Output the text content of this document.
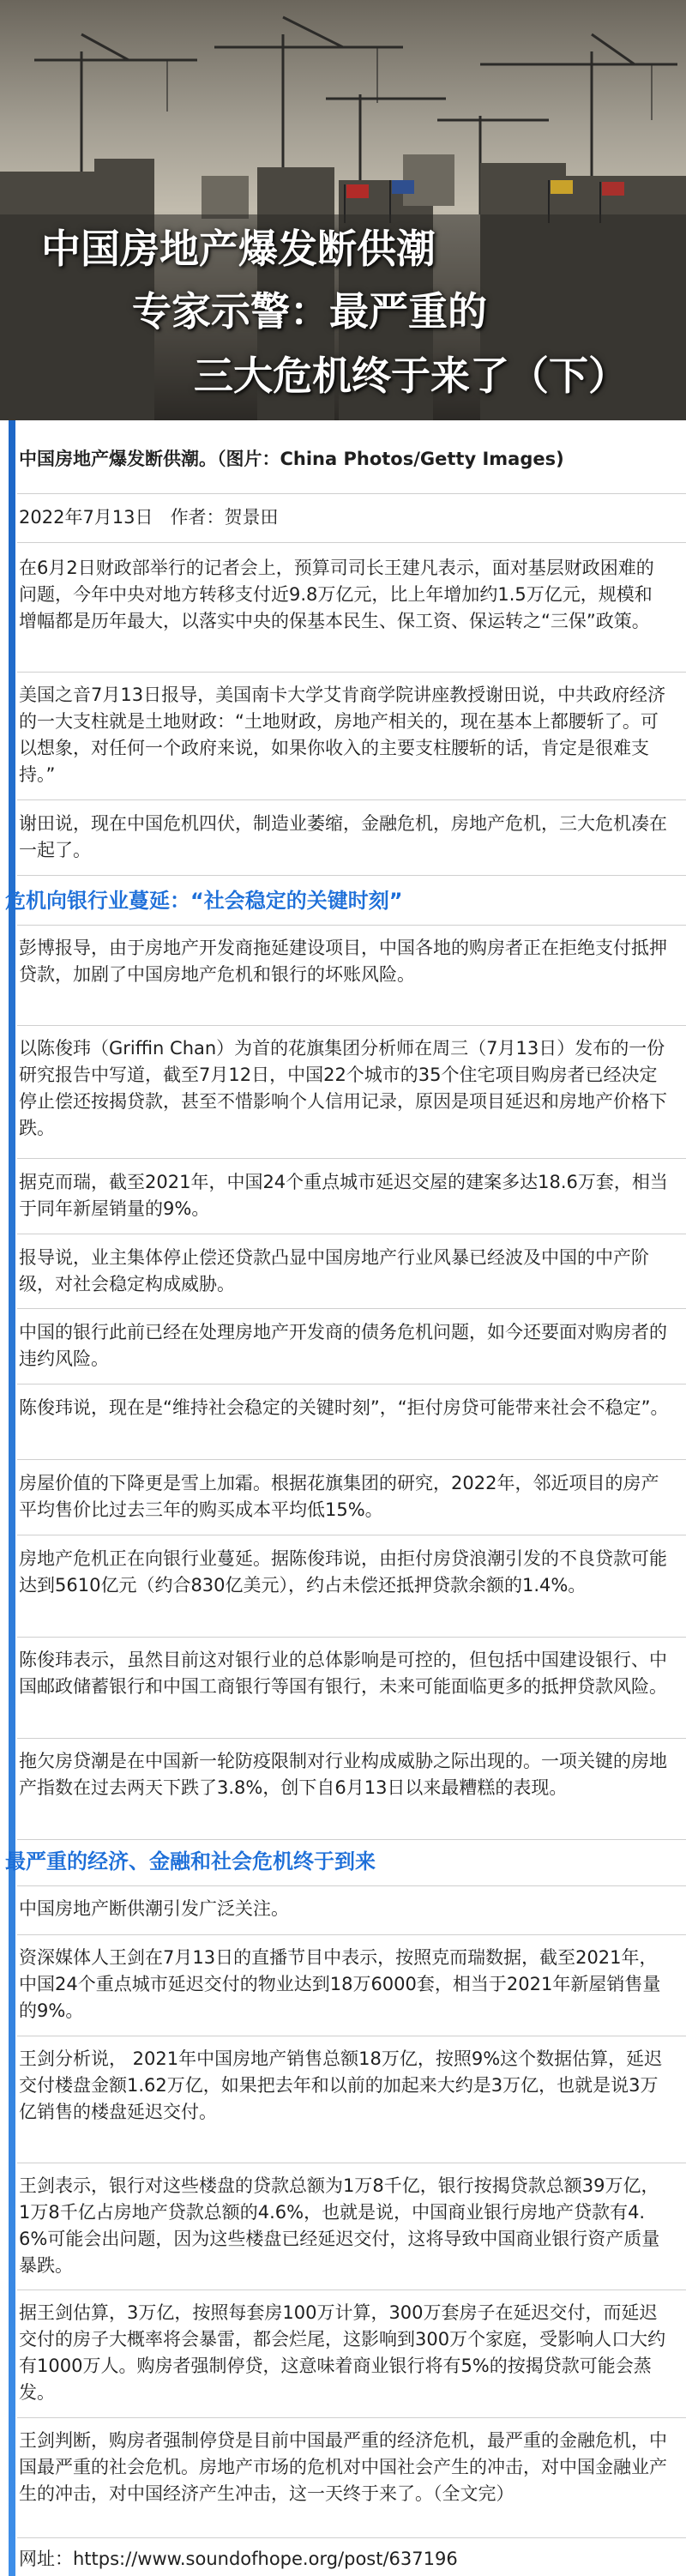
中国房地产爆发断供潮
专家示警：最严重的
三大危机终于来了（下）
中国房地产爆发断供潮。（图片：China Photos/Getty Images)
2022年7月13日 作者：贺景田
在6月2日财政部举行的记者会上，预算司司长王建凡表示，面对基层财政困难的问题，今年中央对地方转移支付近9.8万亿元，比上年增加约1.5万亿元，规模和增幅都是历年最大，以落实中央的保基本民生、保工资、保运转之“三保”政策。
美国之音7月13日报导，美国南卡大学艾肯商学院讲座教授谢田说，中共政府经济的一大支柱就是土地财政：“土地财政，房地产相关的，现在基本上都腰斩了。可以想象，对任何一个政府来说，如果你收入的主要支柱腰斩的话，肯定是很难支持。”
谢田说，现在中国危机四伏，制造业萎缩，金融危机，房地产危机，三大危机凑在一起了。
危机向银行业蔓延：“社会稳定的关键时刻”
彭博报导，由于房地产开发商拖延建设项目，中国各地的购房者正在拒绝支付抵押贷款，加剧了中国房地产危机和银行的坏账风险。
以陈俊玮（Griffin Chan）为首的花旗集团分析师在周三（7月13日）发布的一份研究报告中写道，截至7月12日，中国22个城市的35个住宅项目购房者已经决定停止偿还按揭贷款，甚至不惜影响个人信用记录，原因是项目延迟和房地产价格下跌。
据克而瑞，截至2021年，中国24个重点城市延迟交屋的建案多达18.6万套，相当于同年新屋销量的9%。
报导说，业主集体停止偿还贷款凸显中国房地产行业风暴已经波及中国的中产阶级，对社会稳定构成威胁。
中国的银行此前已经在处理房地产开发商的债务危机问题，如今还要面对购房者的违约风险。
陈俊玮说，现在是“维持社会稳定的关键时刻”，“拒付房贷可能带来社会不稳定”。
房屋价值的下降更是雪上加霜。根据花旗集团的研究，2022年，邻近项目的房产平均售价比过去三年的购买成本平均低15%。
房地产危机正在向银行业蔓延。据陈俊玮说，由拒付房贷浪潮引发的不良贷款可能达到5610亿元（约合830亿美元），约占未偿还抵押贷款余额的1.4%。
陈俊玮表示，虽然目前这对银行业的总体影响是可控的，但包括中国建设银行、中国邮政储蓄银行和中国工商银行等国有银行，未来可能面临更多的抵押贷款风险。
拖欠房贷潮是在中国新一轮防疫限制对行业构成威胁之际出现的。一项关键的房地产指数在过去两天下跌了3.8%，创下自6月13日以来最糟糕的表现。
最严重的经济、金融和社会危机终于到来
中国房地产断供潮引发广泛关注。
资深媒体人王剑在7月13日的直播节目中表示，按照克而瑞数据，截至2021年，中国24个重点城市延迟交付的物业达到18万6000套，相当于2021年新屋销售量的9%。
王剑分析说， 2021年中国房地产销售总额18万亿，按照9%这个数据估算，延迟交付楼盘金额1.62万亿，如果把去年和以前的加起来大约是3万亿，也就是说3万亿销售的楼盘延迟交付。
王剑表示，银行对这些楼盘的贷款总额为1万8千亿，银行按揭贷款总额39万亿，1万8千亿占房地产贷款总额的4.6%，也就是说，中国商业银行房地产贷款有4.6%可能会出问题，因为这些楼盘已经延迟交付，这将导致中国商业银行资产质量暴跌。
据王剑估算，3万亿，按照每套房100万计算，300万套房子在延迟交付，而延迟交付的房子大概率将会暴雷，都会烂尾，这影响到300万个家庭，受影响人口大约有1000万人。购房者强制停贷，这意味着商业银行将有5%的按揭贷款可能会蒸发。
王剑判断，购房者强制停贷是目前中国最严重的经济危机，最严重的金融危机，中国最严重的社会危机。房地产市场的危机对中国社会产生的冲击，对中国金融业产生的冲击，对中国经济产生冲击，这一天终于来了。（全文完）
网址：https://www.soundofhope.org/post/637196
